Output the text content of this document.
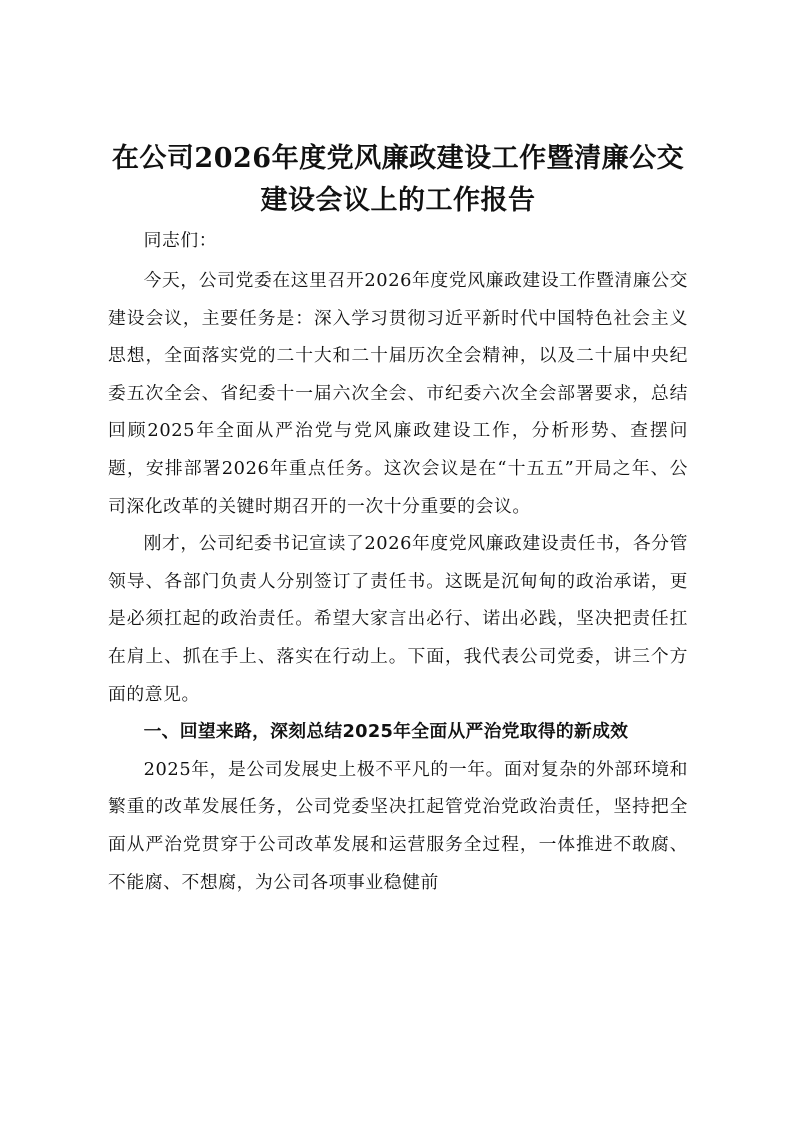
在公司2026年度党风廉政建设工作暨清廉公交建设会议上的工作报告

同志们：

今天，公司党委在这里召开2026年度党风廉政建设工作暨清廉公交建设会议，主要任务是：深入学习贯彻习近平新时代中国特色社会主义思想，全面落实党的二十大和二十届历次全会精神，以及二十届中央纪委五次全会、省纪委十一届六次全会、市纪委六次全会部署要求，总结回顾2025年全面从严治党与党风廉政建设工作，分析形势、查摆问题，安排部署2026年重点任务。这次会议是在“十五五”开局之年、公司深化改革的关键时期召开的一次十分重要的会议。

刚才，公司纪委书记宣读了2026年度党风廉政建设责任书，各分管领导、各部门负责人分别签订了责任书。这既是沉甸甸的政治承诺，更是必须扛起的政治责任。希望大家言出必行、诺出必践，坚决把责任扛在肩上、抓在手上、落实在行动上。下面，我代表公司党委，讲三个方面的意见。

一、回望来路，深刻总结2025年全面从严治党取得的新成效

2025年，是公司发展史上极不平凡的一年。面对复杂的外部环境和繁重的改革发展任务，公司党委坚决扛起管党治党政治责任，坚持把全面从严治党贯穿于公司改革发展和运营服务全过程，一体推进不敢腐、不能腐、不想腐，为公司各项事业稳健前
